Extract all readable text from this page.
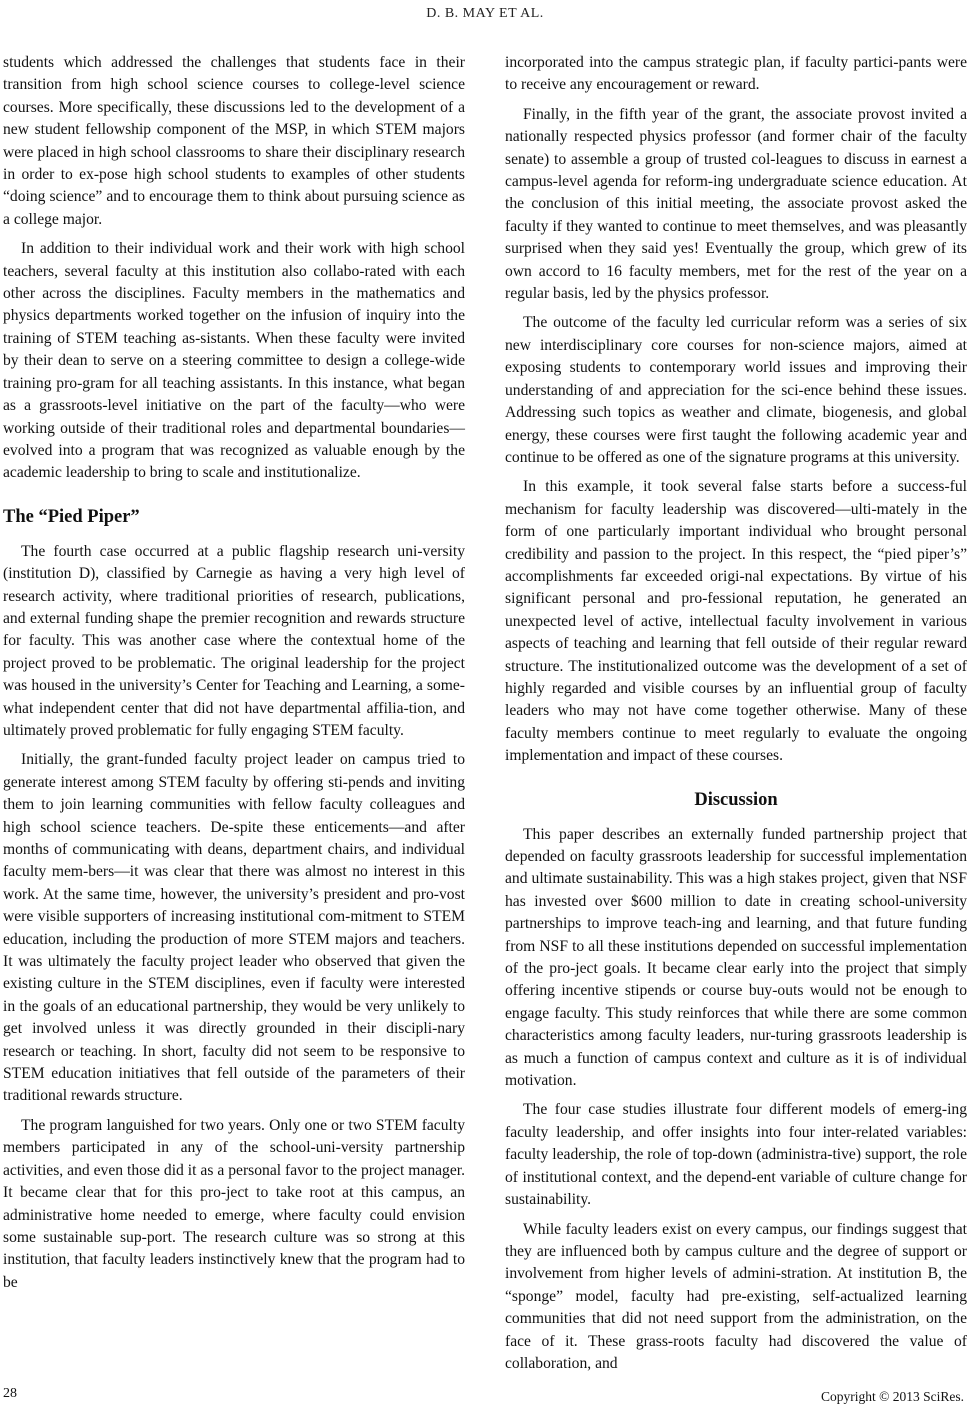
D. B. MAY ET AL.

students which addressed the challenges that students face in their transition from high school science courses to college-level science courses. More specifically, these discussions led to the development of a new student fellowship component of the MSP, in which STEM majors were placed in high school classrooms to share their disciplinary research in order to ex-pose high school students to examples of other students “doing science” and to encourage them to think about pursuing science as a college major.

In addition to their individual work and their work with high school teachers, several faculty at this institution also collabo-rated with each other across the disciplines. Faculty members in the mathematics and physics departments worked together on the infusion of inquiry into the training of STEM teaching as-sistants. When these faculty were invited by their dean to serve on a steering committee to design a college-wide training pro-gram for all teaching assistants. In this instance, what began as a grassroots-level initiative on the part of the faculty—who were working outside of their traditional roles and departmental boundaries—evolved into a program that was recognized as valuable enough by the academic leadership to bring to scale and institutionalize.

The “Pied Piper”

The fourth case occurred at a public flagship research uni-versity (institution D), classified by Carnegie as having a very high level of research activity, where traditional priorities of research, publications, and external funding shape the premier recognition and rewards structure for faculty. This was another case where the contextual home of the project proved to be problematic. The original leadership for the project was housed in the university’s Center for Teaching and Learning, a some-what independent center that did not have departmental affilia-tion, and ultimately proved problematic for fully engaging STEM faculty.

Initially, the grant-funded faculty project leader on campus tried to generate interest among STEM faculty by offering sti-pends and inviting them to join learning communities with fellow faculty colleagues and high school science teachers. De-spite these enticements—and after months of communicating with deans, department chairs, and individual faculty mem-bers—it was clear that there was almost no interest in this work. At the same time, however, the university’s president and pro-vost were visible supporters of increasing institutional com-mitment to STEM education, including the production of more STEM majors and teachers. It was ultimately the faculty project leader who observed that given the existing culture in the STEM disciplines, even if faculty were interested in the goals of an educational partnership, they would be very unlikely to get involved unless it was directly grounded in their discipli-nary research or teaching. In short, faculty did not seem to be responsive to STEM education initiatives that fell outside of the parameters of their traditional rewards structure.

The program languished for two years. Only one or two STEM faculty members participated in any of the school-uni-versity partnership activities, and even those did it as a personal favor to the project manager. It became clear that for this pro-ject to take root at this campus, an administrative home needed to emerge, where faculty could envision some sustainable sup-port. The research culture was so strong at this institution, that faculty leaders instinctively knew that the program had to be

incorporated into the campus strategic plan, if faculty partici-pants were to receive any encouragement or reward.

Finally, in the fifth year of the grant, the associate provost invited a nationally respected physics professor (and former chair of the faculty senate) to assemble a group of trusted col-leagues to discuss in earnest a campus-level agenda for reform-ing undergraduate science education. At the conclusion of this initial meeting, the associate provost asked the faculty if they wanted to continue to meet themselves, and was pleasantly surprised when they said yes! Eventually the group, which grew of its own accord to 16 faculty members, met for the rest of the year on a regular basis, led by the physics professor.

The outcome of the faculty led curricular reform was a series of six new interdisciplinary core courses for non-science majors, aimed at exposing students to contemporary world issues and improving their understanding of and appreciation for the sci-ence behind these issues. Addressing such topics as weather and climate, biogenesis, and global energy, these courses were first taught the following academic year and continue to be offered as one of the signature programs at this university.

In this example, it took several false starts before a success-ful mechanism for faculty leadership was discovered—ulti-mately in the form of one particularly important individual who brought personal credibility and passion to the project. In this respect, the “pied piper’s” accomplishments far exceeded origi-nal expectations. By virtue of his significant personal and pro-fessional reputation, he generated an unexpected level of active, intellectual faculty involvement in various aspects of teaching and learning that fell outside of their regular reward structure. The institutionalized outcome was the development of a set of highly regarded and visible courses by an influential group of faculty leaders who may not have come together otherwise. Many of these faculty members continue to meet regularly to evaluate the ongoing implementation and impact of these courses.

Discussion

This paper describes an externally funded partnership project that depended on faculty grassroots leadership for successful implementation and ultimate sustainability. This was a high stakes project, given that NSF has invested over $600 million to date in creating school-university partnerships to improve teach-ing and learning, and that future funding from NSF to all these institutions depended on successful implementation of the pro-ject goals. It became clear early into the project that simply offering incentive stipends or course buy-outs would not be enough to engage faculty. This study reinforces that while there are some common characteristics among faculty leaders, nur-turing grassroots leadership is as much a function of campus context and culture as it is of individual motivation.

The four case studies illustrate four different models of emerg-ing faculty leadership, and offer insights into four inter-related variables: faculty leadership, the role of top-down (administra-tive) support, the role of institutional context, and the depend-ent variable of culture change for sustainability.

While faculty leaders exist on every campus, our findings suggest that they are influenced both by campus culture and the degree of support or involvement from higher levels of admini-stration. At institution B, the “sponge” model, faculty had pre-existing, self-actualized learning communities that did not need support from the administration, on the face of it. These grass-roots faculty had discovered the value of collaboration, and

28	Copyright © 2013 SciRes.
